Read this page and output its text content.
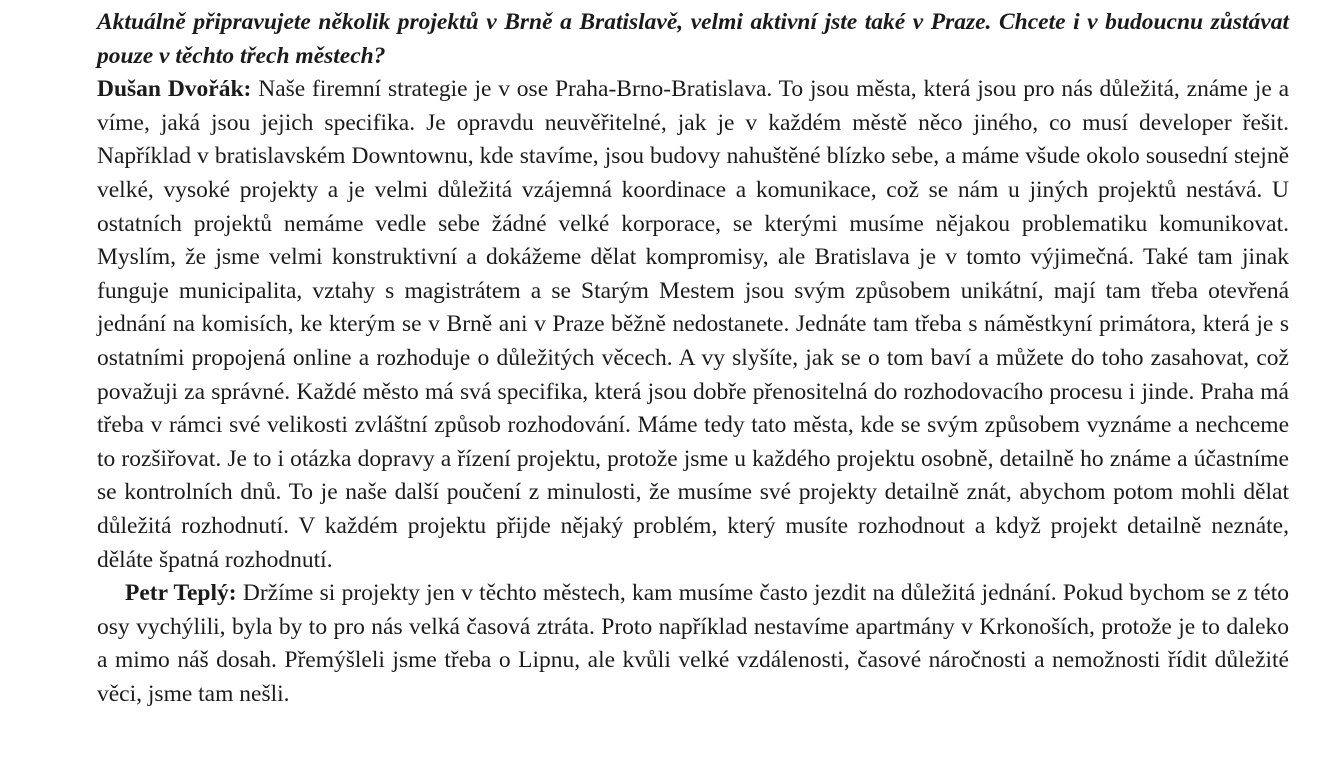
Aktuálně připravujete několik projektů v Brně a Bratislavě, velmi aktivní jste také v Praze. Chcete i v budoucnu zůstávat pouze v těchto třech městech?

Dušan Dvořák: Naše firemní strategie je v ose Praha-Brno-Bratislava. To jsou města, která jsou pro nás důležitá, známe je a víme, jaká jsou jejich specifika. Je opravdu neuvěřitelné, jak je v každém městě něco jiného, co musí developer řešit. Například v bratislavském Downtownu, kde stavíme, jsou budovy nahuštěné blízko sebe, a máme všude okolo sousední stejně velké, vysoké projekty a je velmi důležitá vzájemná koordinace a komunikace, což se nám u jiných projektů nestává. U ostatních projektů nemáme vedle sebe žádné velké korporace, se kterými musíme nějakou problematiku komunikovat. Myslím, že jsme velmi konstruktivní a dokážeme dělat kompromisy, ale Bratislava je v tomto výjimečná. Také tam jinak funguje municipalita, vztahy s magistrátem a se Starým Mestem jsou svým způsobem unikátní, mají tam třeba otevřená jednání na komisích, ke kterým se v Brně ani v Praze běžně nedostanete. Jednáte tam třeba s náměstkyní primátora, která je s ostatními propojená online a rozhoduje o důležitých věcech. A vy slyšíte, jak se o tom baví a můžete do toho zasahovat, což považuji za správné. Každé město má svá specifika, která jsou dobře přenositelná do rozhodovacího procesu i jinde. Praha má třeba v rámci své velikosti zvláštní způsob rozhodování. Máme tedy tato města, kde se svým způsobem vyznáme a nechceme to rozšiřovat. Je to i otázka dopravy a řízení projektu, protože jsme u každého projektu osobně, detailně ho známe a účastníme se kontrolních dnů. To je naše další poučení z minulosti, že musíme své projekty detailně znát, abychom potom mohli dělat důležitá rozhodnutí. V každém projektu přijde nějaký problém, který musíte rozhodnout a když projekt detailně neznáte, děláte špatná rozhodnutí.

Petr Teplý: Držíme si projekty jen v těchto městech, kam musíme často jezdit na důležitá jednání. Pokud bychom se z této osy vychýlili, byla by to pro nás velká časová ztráta. Proto například nestavíme apartmány v Krkonoších, protože je to daleko a mimo náš dosah. Přemýšleli jsme třeba o Lipnu, ale kvůli velké vzdálenosti, časové náročnosti a nemožnosti řídit důležité věci, jsme tam nešli.
